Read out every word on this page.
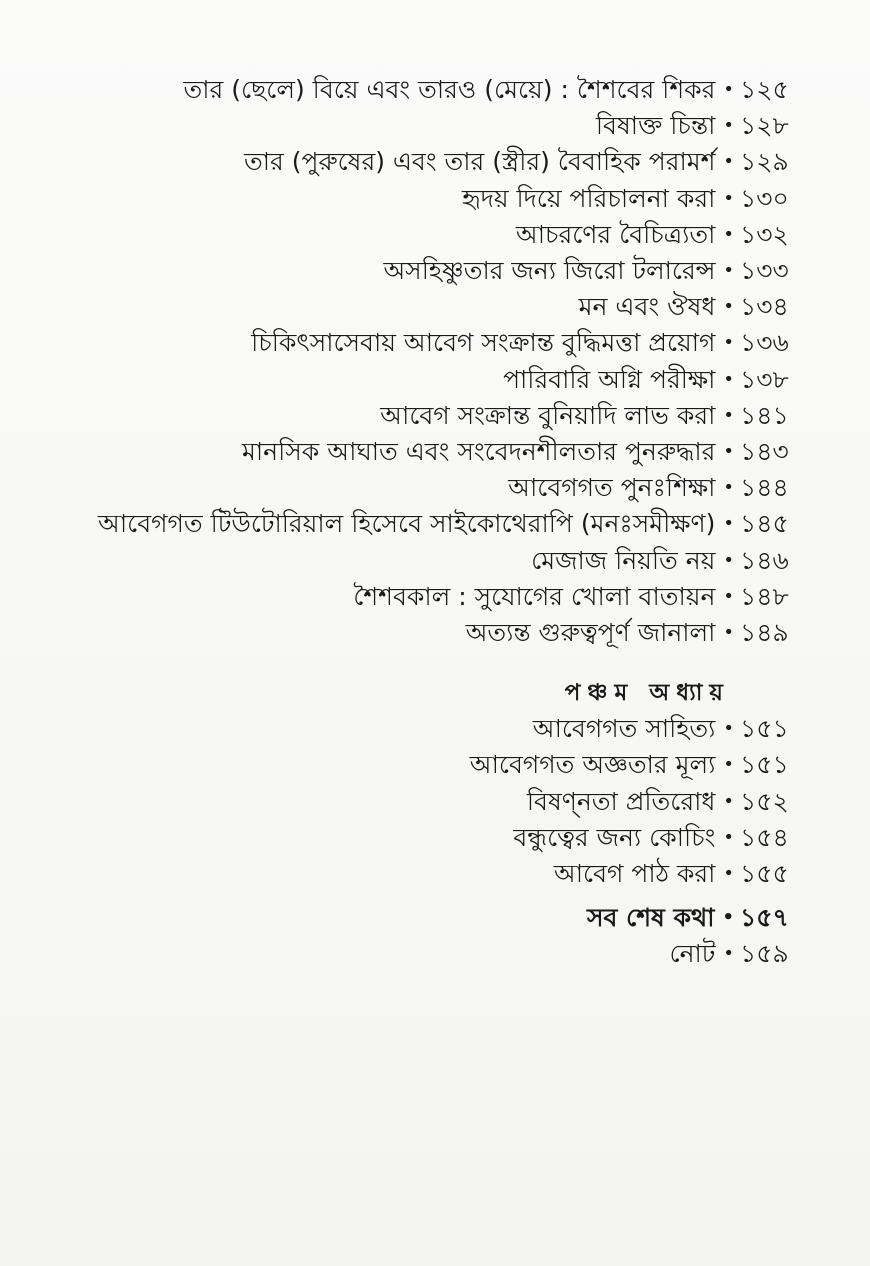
তার (ছেলে) বিয়ে এবং তারও (মেয়ে) : শৈশবের শিকর • ১২৫
বিষাক্ত চিন্তা • ১২৮
তার (পুরুষের) এবং তার (স্ত্রীর) বৈবাহিক পরামর্শ • ১২৯
হৃদয় দিয়ে পরিচালনা করা • ১৩০
আচরণের বৈচিত্র্যতা • ১৩২
অসহিষ্ণুতার জন্য জিরো টলারেন্স • ১৩৩
মন এবং ঔষধ • ১৩৪
চিকিৎসাসেবায় আবেগ সংক্রান্ত বুদ্ধিমত্তা প্রয়োগ • ১৩৬
পারিবারি অগ্নি পরীক্ষা • ১৩৮
আবেগ সংক্রান্ত বুনিয়াদি লাভ করা • ১৪১
মানসিক আঘাত এবং সংবেদনশীলতার পুনরুদ্ধার • ১৪৩
আবেগগত পুনঃশিক্ষা • ১৪৪
আবেগগত টিউটোরিয়াল হিসেবে সাইকোথেরাপি (মনঃসমীক্ষণ) • ১৪৫
মেজাজ নিয়তি নয় • ১৪৬
শৈশবকাল : সুযোগের খোলা বাতায়ন • ১৪৮
অত্যন্ত গুরুত্বপূর্ণ জানালা • ১৪৯
পঞ্চম অধ্যায়
আবেগগত সাহিত্য • ১৫১
আবেগগত অজ্ঞতার মূল্য • ১৫১
বিষণ্নতা প্রতিরোধ • ১৫২
বন্ধুত্বের জন্য কোচিং • ১৫৪
আবেগ পাঠ করা • ১৫৫
সব শেষ কথা • ১৫৭
নোট • ১৫৯
